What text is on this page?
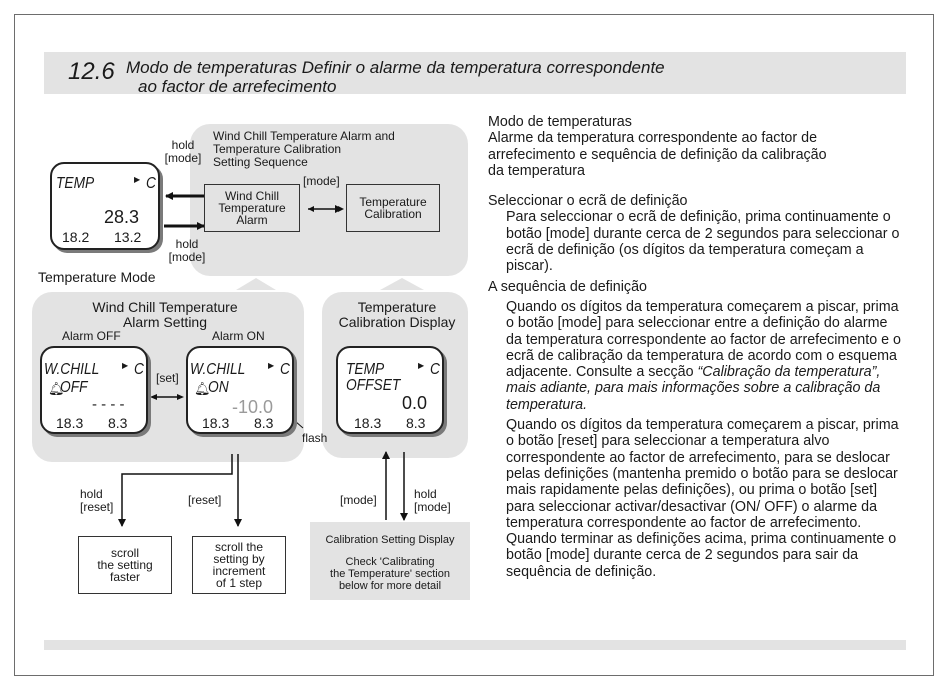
12.6 Modo de temperaturas Definir o alarme da temperatura correspondente
ao factor de arrefecimento
Wind Chill Temperature Alarm and
Temperature Calibration
Setting Sequence
hold
[mode]
hold
[mode]
[mode]
Wind Chill
Temperature
Alarm
Temperature
Calibration
TEMP	▶ C
28.3
18.2 13.2
Temperature Mode
Wind Chill Temperature
Alarm Setting
Alarm OFF	Alarm ON
W.CHILL	▶ C
🔔︎
OFF
- - - -
18.3 8.3
[set] W.CHILL	▶ C
🔔︎
ON
-10.0
18.3 8.3
flash
Temperature
Calibration Display
TEMP	▶ C
OFFSET
0.0
18.3 8.3
hold
[reset]	[reset]	[mode]	hold
[mode]
scroll
the setting
faster
scroll the
setting by
increment
of 1 step
Calibration Setting Display
Check 'Calibrating
the Temperature' section
below for more detail

Modo de temperaturas

Alarme da temperatura correspondente ao factor de

arrefecimento e sequência de definição da calibração

da temperatura

Seleccionar o ecrã de definição

Para seleccionar o ecrã de definição, prima continuamente o botão [mode] durante cerca de 2 segundos para seleccionar o ecrã de definição (os dígitos da temperatura começam a piscar).

A sequência de definição

Quando os dígitos da temperatura começarem a piscar, prima o botão [mode] para seleccionar entre a definição do alarme da temperatura correspondente ao factor de arrefecimento e o ecrã de calibração da temperatura de acordo com o esquema adjacente. Consulte a secção “Calibração da temperatura”, mais adiante, para mais informações sobre a calibração da temperatura.

Quando os dígitos da temperatura começarem a piscar, prima o botão [reset] para seleccionar a temperatura alvo correspondente ao factor de arrefecimento, para se deslocar pelas definições (mantenha premido o botão para se deslocar mais rapidamente pelas definições), ou prima o botão [set] para seleccionar activar/desactivar (ON/ OFF) o alarme da temperatura correspondente ao factor de arrefecimento.

Quando terminar as definições acima, prima continuamente o botão [mode] durante cerca de 2 segundos para sair da sequência de definição.
